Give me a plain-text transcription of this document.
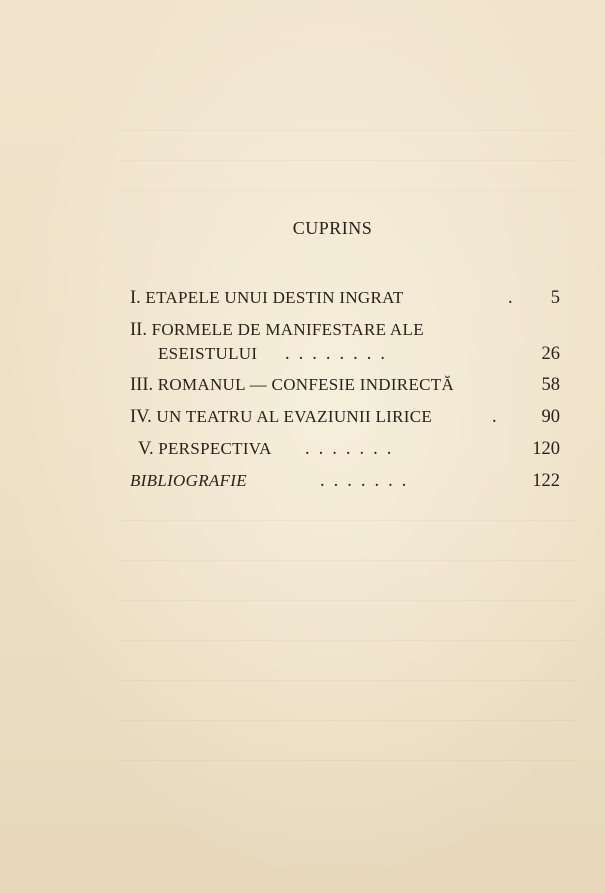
CUPRINS
I. ETAPELE UNUI DESTIN INGRAT	. 5
II. FORMELE DE MANIFESTARE ALE
ESEISTULUI ........	26
III. ROMANUL — CONFESIE INDIRECTĂ	58
IV. UN TEATRU AL EVAZIUNII LIRICE	. 90
V. PERSPECTIVA .......	120
BIBLIOGRAFIE	.......	122
